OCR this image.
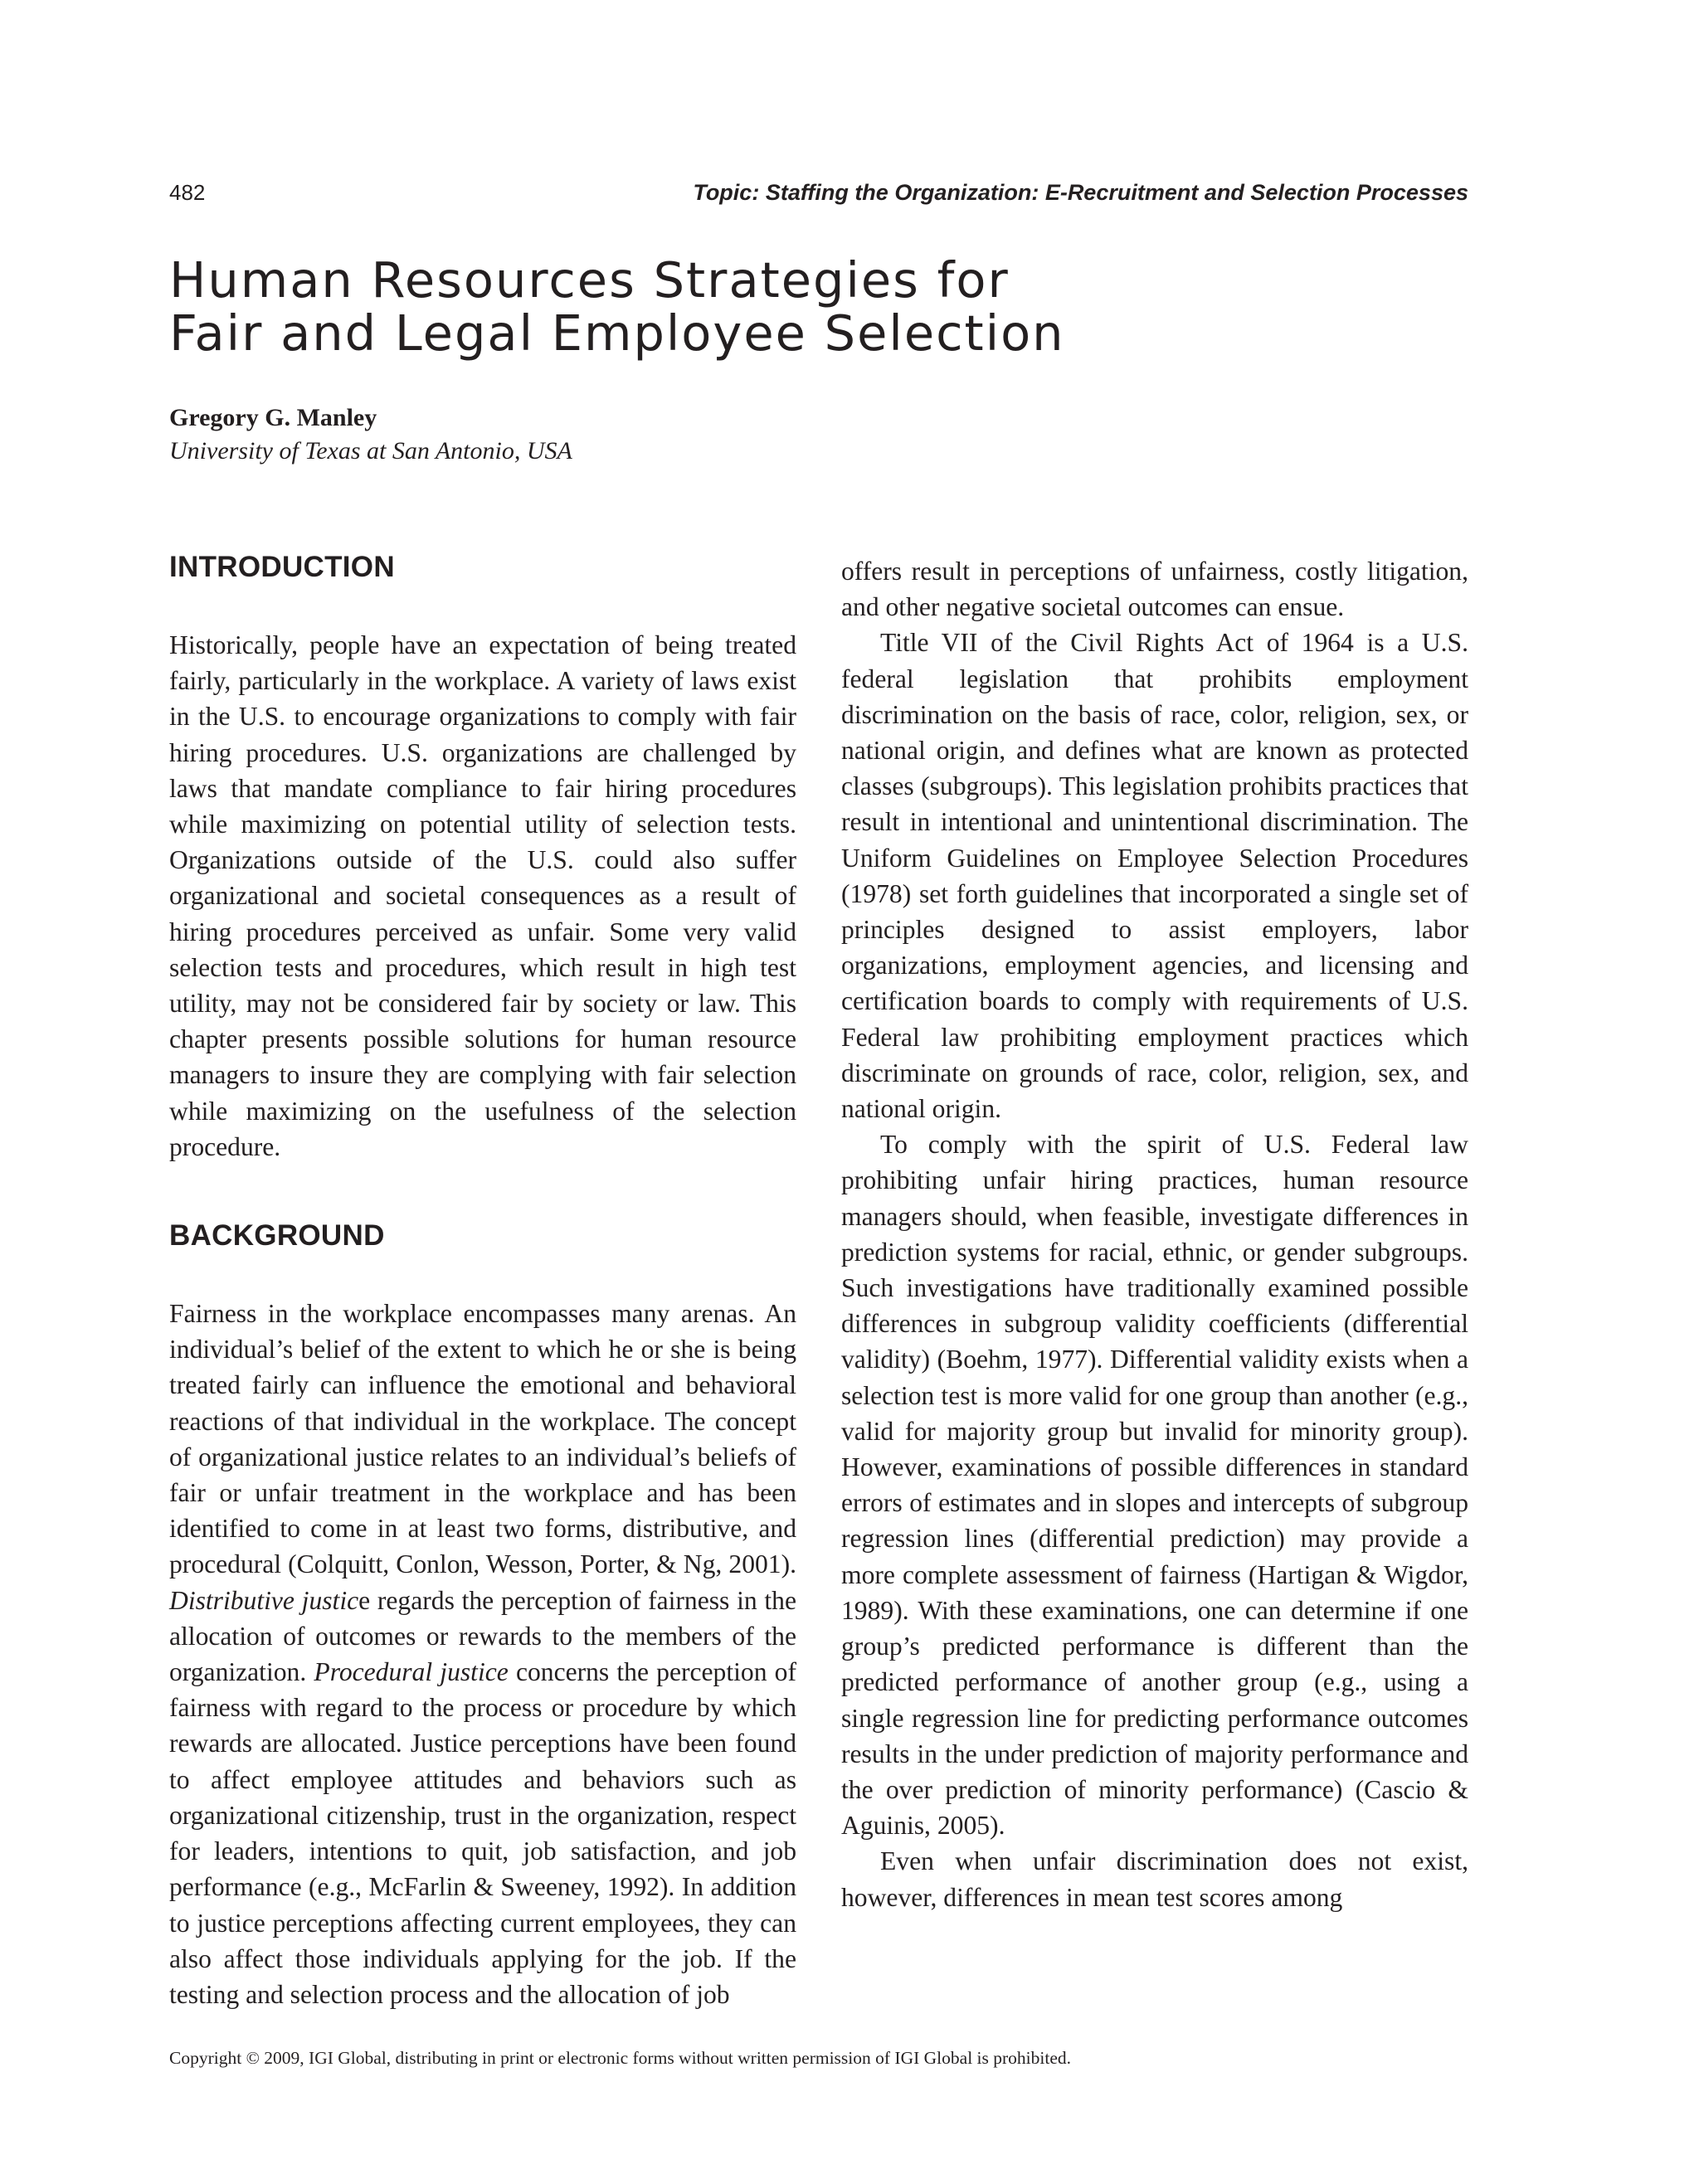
482	Topic: Staffing the Organization: E-Recruitment and Selection Processes
Human Resources Strategies for
Fair and Legal Employee Selection
Gregory G. Manley
University of Texas at San Antonio, USA
INTRODUCTION

Historically, people have an expectation of being treated fairly, particularly in the workplace. A variety of laws exist in the U.S. to encourage organizations to comply with fair hiring procedures. U.S. organizations are challenged by laws that mandate compliance to fair hiring procedures while maximizing on potential utility of selection tests. Organizations outside of the U.S. could also suffer organizational and societal consequences as a result of hiring procedures perceived as unfair. Some very valid selection tests and procedures, which result in high test utility, may not be considered fair by society or law. This chapter presents possible solutions for human resource managers to insure they are complying with fair selection while maximizing on the usefulness of the selection procedure.

BACKGROUND

Fairness in the workplace encompasses many arenas. An individual’s belief of the extent to which he or she is being treated fairly can influence the emotional and behavioral reactions of that individual in the workplace. The concept of organizational justice relates to an individual’s beliefs of fair or unfair treatment in the workplace and has been identified to come in at least two forms, distributive, and procedural (Colquitt, Conlon, Wesson, Porter, & Ng, 2001). Distributive justice regards the perception of fairness in the allocation of outcomes or rewards to the members of the organization. Procedural justice concerns the perception of fairness with regard to the process or procedure by which rewards are allocated. Justice perceptions have been found to affect employee attitudes and behaviors such as organizational citizenship, trust in the organization, respect for leaders, intentions to quit, job satisfaction, and job performance (e.g., McFarlin & Sweeney, 1992). In addition to justice perceptions affecting current employees, they can also affect those individuals applying for the job. If the testing and selection process and the allocation of job

offers result in perceptions of unfairness, costly litigation, and other negative societal outcomes can ensue.

Title VII of the Civil Rights Act of 1964 is a U.S. federal legislation that prohibits employment discrimination on the basis of race, color, religion, sex, or national origin, and defines what are known as protected classes (subgroups). This legislation prohibits practices that result in intentional and unintentional discrimination. The Uniform Guidelines on Employee Selection Procedures (1978) set forth guidelines that incorporated a single set of principles designed to assist employers, labor organizations, employment agencies, and licensing and certification boards to comply with requirements of U.S. Federal law prohibiting employment practices which discriminate on grounds of race, color, religion, sex, and national origin.

To comply with the spirit of U.S. Federal law prohibiting unfair hiring practices, human resource managers should, when feasible, investigate differences in prediction systems for racial, ethnic, or gender subgroups. Such investigations have traditionally examined possible differences in subgroup validity coefficients (differential validity) (Boehm, 1977). Differential validity exists when a selection test is more valid for one group than another (e.g., valid for majority group but invalid for minority group). However, examinations of possible differences in standard errors of estimates and in slopes and intercepts of subgroup regression lines (differential prediction) may provide a more complete assessment of fairness (Hartigan & Wigdor, 1989). With these examinations, one can determine if one group’s predicted performance is different than the predicted performance of another group (e.g., using a single regression line for predicting performance outcomes results in the under prediction of majority performance and the over prediction of minority performance) (Cascio & Aguinis, 2005).

Even when unfair discrimination does not exist, however, differences in mean test scores among

Copyright © 2009, IGI Global, distributing in print or electronic forms without written permission of IGI Global is prohibited.
